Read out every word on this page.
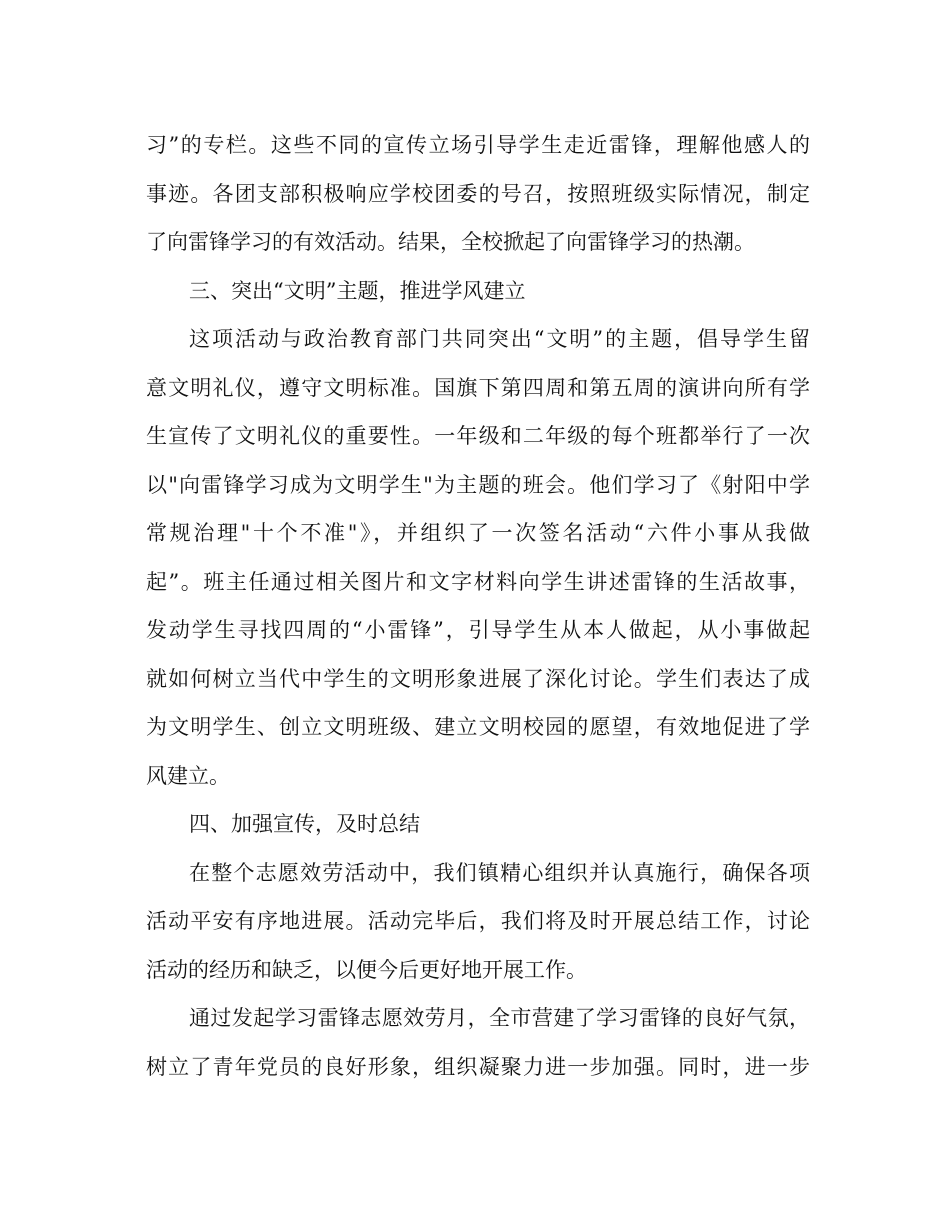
习”的专栏。这些不同的宣传立场引导学生走近雷锋，理解他感人的
事迹。各团支部积极响应学校团委的号召，按照班级实际情况，制定
了向雷锋学习的有效活动。结果，全校掀起了向雷锋学习的热潮。
三、突出“文明”主题，推进学风建立
这项活动与政治教育部门共同突出“文明”的主题，倡导学生留
意文明礼仪，遵守文明标准。国旗下第四周和第五周的演讲向所有学
生宣传了文明礼仪的重要性。一年级和二年级的每个班都举行了一次
以"向雷锋学习成为文明学生"为主题的班会。他们学习了《射阳中学
常规治理"十个不准"》，并组织了一次签名活动“六件小事从我做
起”。班主任通过相关图片和文字材料向学生讲述雷锋的生活故事，
发动学生寻找四周的“小雷锋”，引导学生从本人做起，从小事做起
就如何树立当代中学生的文明形象进展了深化讨论。学生们表达了成
为文明学生、创立文明班级、建立文明校园的愿望，有效地促进了学
风建立。
四、加强宣传，及时总结
在整个志愿效劳活动中，我们镇精心组织并认真施行，确保各项
活动平安有序地进展。活动完毕后，我们将及时开展总结工作，讨论
活动的经历和缺乏，以便今后更好地开展工作。
通过发起学习雷锋志愿效劳月，全市营建了学习雷锋的良好气氛，
树立了青年党员的良好形象，组织凝聚力进一步加强。同时，进一步
